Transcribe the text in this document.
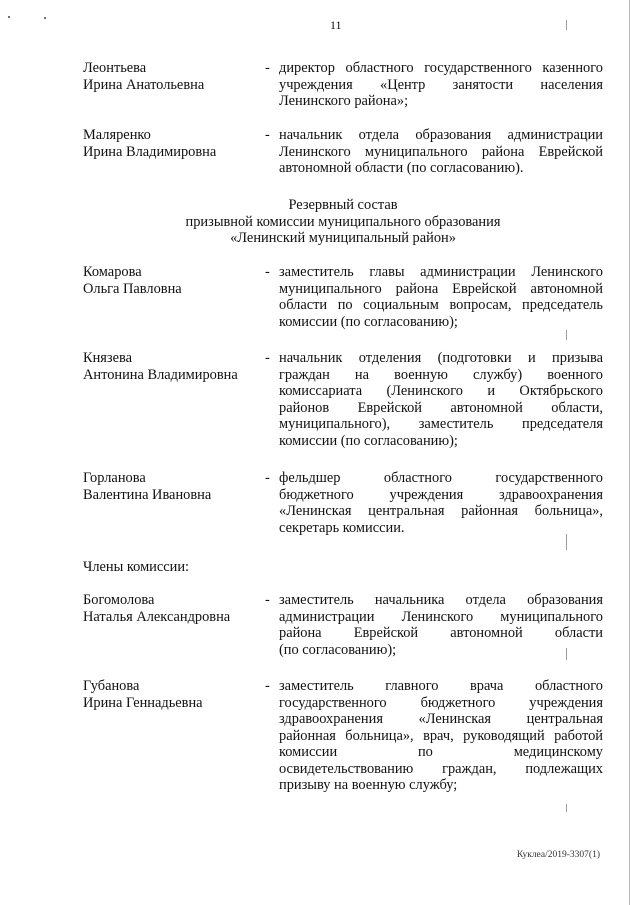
11
Леонтьева
Ирина Анатольевна
- директор областного государственного казенного
учреждения «Центр занятости населения
Ленинского района»;
Маляренко
Ирина Владимировна
- начальник отдела образования администрации
Ленинского муниципального района Еврейской
автономной области (по согласованию).
Резервный состав
призывной комиссии муниципального образования
«Ленинский муниципальный район»
Комарова
Ольга Павловна
- заместитель главы администрации Ленинского
муниципального района Еврейской автономной
области по социальным вопросам, председатель
комиссии (по согласованию);
Князева
Антонина Владимировна
- начальник отделения (подготовки и призыва
граждан на военную службу) военного
комиссариата (Ленинского и Октябрьского
районов Еврейской автономной области,
муниципального), заместитель председателя
комиссии (по согласованию);
Горланова
Валентина Ивановна
- фельдшер областного государственного
бюджетного учреждения здравоохранения
«Ленинская центральная районная больница»,
секретарь комиссии.
Члены комиссии:
Богомолова
Наталья Александровна
- заместитель начальника отдела образования
администрации Ленинского муниципального
района Еврейской автономной области
(по согласованию);
Губанова
Ирина Геннадьевна
- заместитель главного врача областного
государственного бюджетного учреждения
здравоохранения «Ленинская центральная
районная больница», врач, руководящий работой
комиссии по медицинскому
освидетельствованию граждан, подлежащих
призыву на военную службу;
Куклеа/2019-3307(1)
